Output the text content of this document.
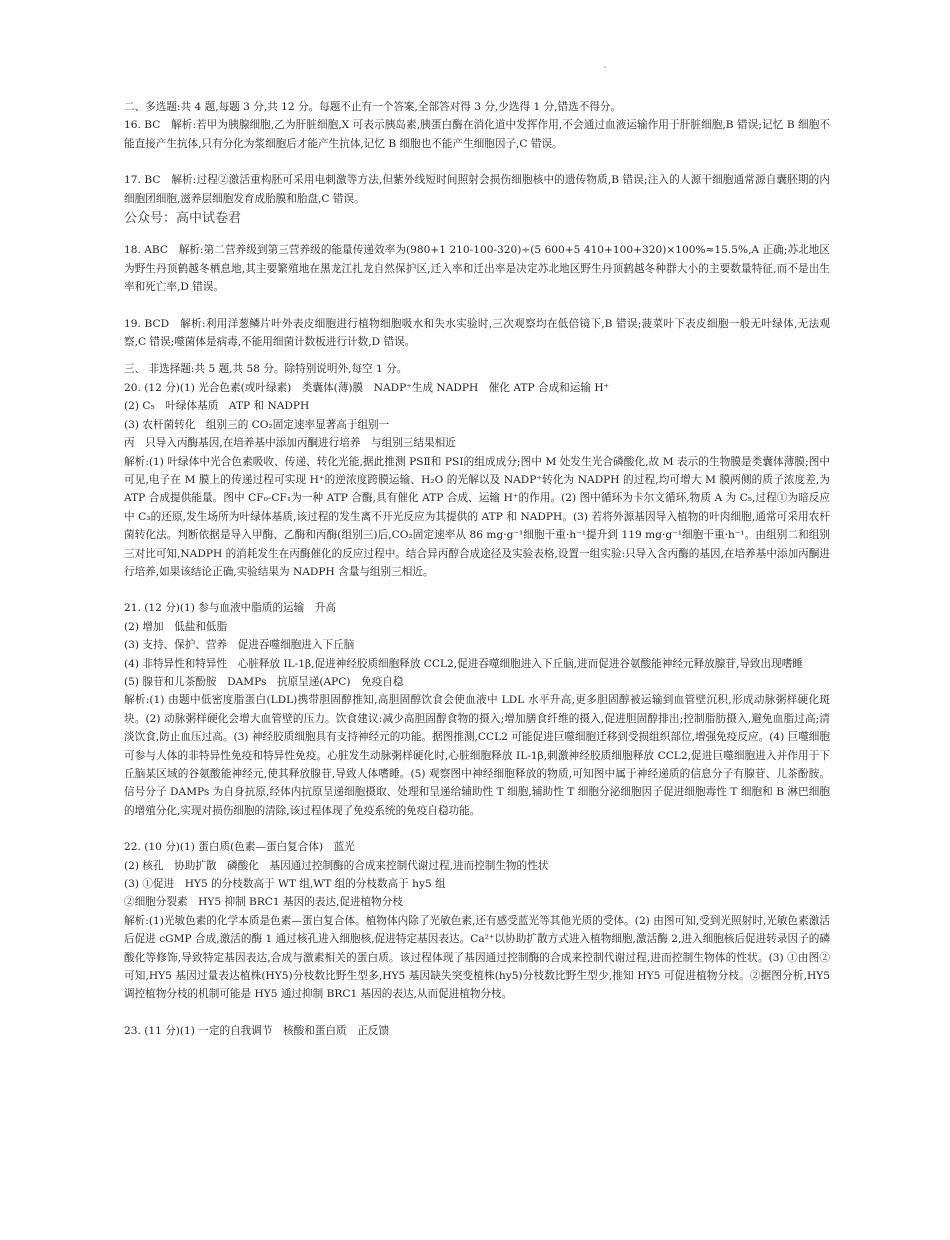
二、多选题:共 4 题,每题 3 分,共 12 分。每题不止有一个答案,全部答对得 3 分,少选得 1 分,错选不得分。

16. BC　解析:若甲为胰腺细胞,乙为肝脏细胞,X 可表示胰岛素,胰蛋白酶在消化道中发挥作用,不会通过血液运输作用于肝脏细胞,B 错误;记忆 B 细胞不能直接产生抗体,只有分化为浆细胞后才能产生抗体,记忆 B 细胞也不能产生细胞因子,C 错误。

17. BC　解析:过程②激活重构胚可采用电刺激等方法,但紫外线短时间照射会损伤细胞核中的遗传物质,B 错误;注入的人源干细胞通常源自囊胚期的内细胞团细胞,滋养层细胞发育成胎膜和胎盘,C 错误。

公众号：高中试卷君

18. ABC　解析:第二营养级到第三营养级的能量传递效率为(980+1 210-100-320)÷(5 600+5 410+100+320)×100%≈15.5%,A 正确;苏北地区为野生丹顶鹤越冬栖息地,其主要繁殖地在黑龙江扎龙自然保护区,迁入率和迁出率是决定苏北地区野生丹顶鹤越冬种群大小的主要数量特征,而不是出生率和死亡率,D 错误。

19. BCD　解析:利用洋葱鳞片叶外表皮细胞进行植物细胞吸水和失水实验时,三次观察均在低倍镜下,B 错误;菠菜叶下表皮细胞一般无叶绿体,无法观察,C 错误;噬菌体是病毒,不能用细菌计数板进行计数,D 错误。

三、 非选择题:共 5 题,共 58 分。除特别说明外,每空 1 分。

20. (12 分)(1) 光合色素(或叶绿素)　类囊体(薄)膜　NADP⁺生成 NADPH　催化 ATP 合成和运输 H⁺

(2) C₅　叶绿体基质　ATP 和 NADPH

(3) 农杆菌转化　组别三的 CO₂固定速率显著高于组别一

丙　只导入丙酶基因,在培养基中添加丙酮进行培养　与组别三结果相近

解析:(1) 叶绿体中光合色素吸收、传递、转化光能,据此推测 PSⅡ和 PSⅠ的组成成分;图中 M 处发生光合磷酸化,故 M 表示的生物膜是类囊体薄膜;图中可见,电子在 M 膜上的传递过程可实现 H⁺的逆浓度跨膜运输、H₂O 的光解以及 NADP⁺转化为 NADPH 的过程,均可增大 M 膜两侧的质子浓度差,为 ATP 合成提供能量。图中 CF₀-CF₁为一种 ATP 合酶,具有催化 ATP 合成、运输 H⁺的作用。(2) 图中循环为卡尔文循环,物质 A 为 C₅,过程①为暗反应中 C₃的还原,发生场所为叶绿体基质,该过程的发生离不开光反应为其提供的 ATP 和 NADPH。(3) 若将外源基因导入植物的叶肉细胞,通常可采用农杆菌转化法。判断依据是导入甲酶、乙酶和丙酶(组别三)后,CO₂固定速率从 86 mg·g⁻¹细胞干重·h⁻¹提升到 119 mg·g⁻¹细胞干重·h⁻¹。由组别二和组别三对比可知,NADPH 的消耗发生在丙酶催化的反应过程中。结合异丙醇合成途径及实验表格,设置一组实验:只导入含丙酶的基因,在培养基中添加丙酮进行培养,如果该结论正确,实验结果为 NADPH 含量与组别三相近。

21. (12 分)(1) 参与血液中脂质的运输　升高

(2) 增加　低盐和低脂

(3) 支持、保护、营养　促进吞噬细胞进入下丘脑

(4) 非特异性和特异性　心脏释放 IL-1β,促进神经胶质细胞释放 CCL2,促进吞噬细胞进入下丘脑,进而促进谷氨酸能神经元释放腺苷,导致出现嗜睡

(5) 腺苷和儿茶酚胺　DAMPs　抗原呈递(APC)　免疫自稳

解析:(1) 由题中低密度脂蛋白(LDL)携带胆固醇推知,高胆固醇饮食会使血液中 LDL 水平升高,更多胆固醇被运输到血管壁沉积,形成动脉粥样硬化斑块。(2) 动脉粥样硬化会增大血管壁的压力。饮食建议:减少高胆固醇食物的摄入;增加膳食纤维的摄入,促进胆固醇排出;控制脂肪摄入,避免血脂过高;清淡饮食,防止血压过高。(3) 神经胶质细胞具有支持神经元的功能。据图推测,CCL2 可能促进巨噬细胞迁移到受损组织部位,增强免疫反应。(4) 巨噬细胞可参与人体的非特异性免疫和特异性免疫。心脏发生动脉粥样硬化时,心脏细胞释放 IL-1β,刺激神经胶质细胞释放 CCL2,促进巨噬细胞进入并作用于下丘脑某区域的谷氨酸能神经元,使其释放腺苷,导致人体嗜睡。(5) 观察图中神经细胞释放的物质,可知图中属于神经递质的信息分子有腺苷、儿茶酚胺。信号分子 DAMPs 为自身抗原,经体内抗原呈递细胞摄取、处理和呈递给辅助性 T 细胞,辅助性 T 细胞分泌细胞因子促进细胞毒性 T 细胞和 B 淋巴细胞的增殖分化,实现对损伤细胞的清除,该过程体现了免疫系统的免疫自稳功能。

22. (10 分)(1) 蛋白质(色素—蛋白复合体)　蓝光

(2) 核孔　协助扩散　磷酸化　基因通过控制酶的合成来控制代谢过程,进而控制生物的性状

(3) ①促进　HY5 的分枝数高于 WT 组,WT 组的分枝数高于 hy5 组

②细胞分裂素　HY5 抑制 BRC1 基因的表达,促进植物分枝

解析:(1)光敏色素的化学本质是色素—蛋白复合体。植物体内除了光敏色素,还有感受蓝光等其他光质的受体。(2) 由图可知,受到光照射时,光敏色素激活后促进 cGMP 合成,激活的酶 1 通过核孔进入细胞核,促进特定基因表达。Ca²⁺以协助扩散方式进入植物细胞,激活酶 2,进入细胞核后促进转录因子的磷酸化等修饰,导致特定基因表达,合成与激素相关的蛋白质。该过程体现了基因通过控制酶的合成来控制代谢过程,进而控制生物体的性状。(3) ①由图②可知,HY5 基因过量表达植株(HY5)分枝数比野生型多,HY5 基因缺失突变植株(hy5)分枝数比野生型少,推知 HY5 可促进植物分枝。②据图分析,HY5 调控植物分枝的机制可能是 HY5 通过抑制 BRC1 基因的表达,从而促进植物分枝。

23. (11 分)(1) 一定的自我调节　核酸和蛋白质　正反馈
